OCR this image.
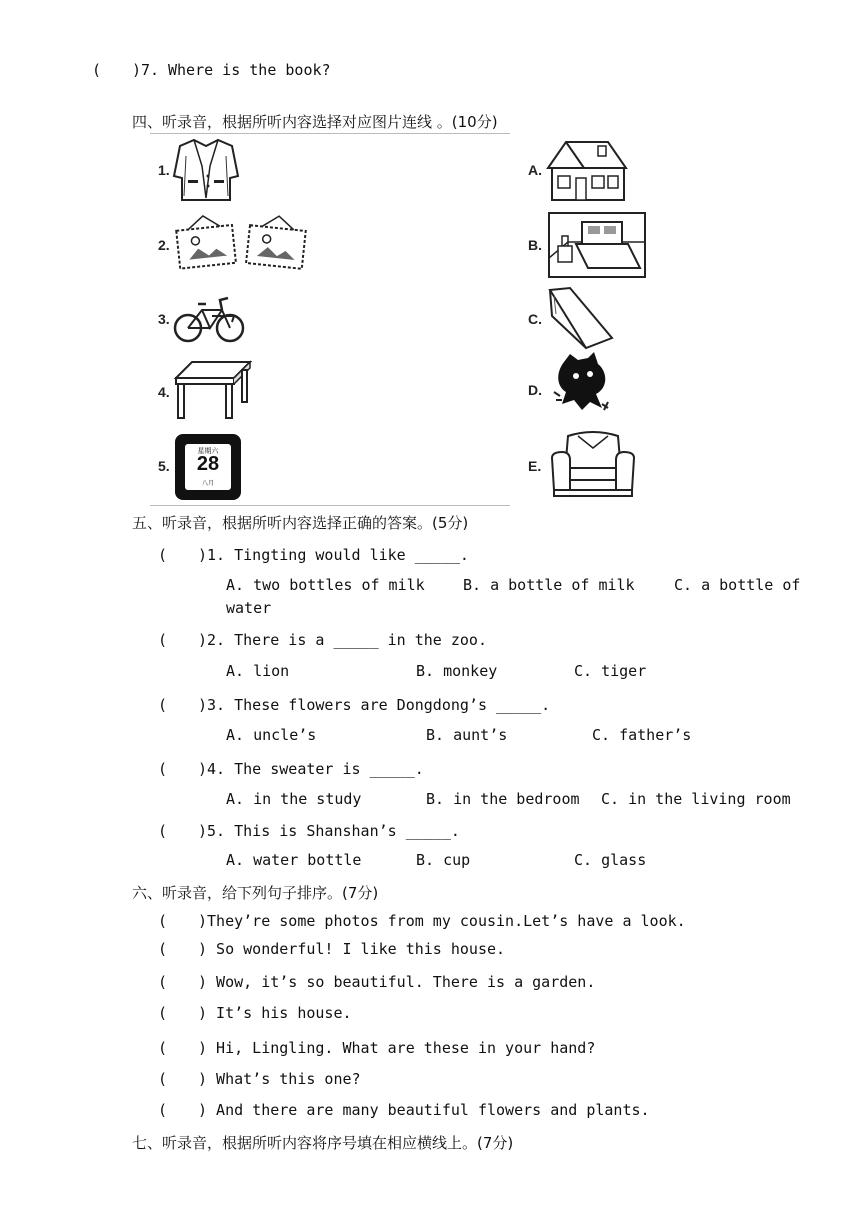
( )7. Where is the book?
四、听录音，根据所听内容选择对应图片连线 。(10分)
1.
2.
3.
4.
5.
星期六
28
八月
A.
B.
C.
D.
E.
五、听录音，根据所听内容选择正确的答案。(5分)
( )1. Tingting would like _____.
A. two bottles of milk	B. a bottle of milk	C. a bottle of
water
( )2. There is a _____ in the zoo.
A. lion	B. monkey	C. tiger
( )3. These flowers are Dongdong’s _____.
A. uncle’s	B. aunt’s	C. father’s
( )4. The sweater is _____.
A. in the study	B. in the bedroom C. in the living room
( )5. This is Shanshan’s _____.
A. water bottle	B. cup	C. glass
六、听录音，给下列句子排序。(7分)
( )They’re some photos from my cousin.Let’s have a look.
( ) So wonderful! I like this house.
( ) Wow, it’s so beautiful. There is a garden.
( ) It’s his house.
( ) Hi, Lingling. What are these in your hand?
( ) What’s this one?
( ) And there are many beautiful flowers and plants.
七、听录音，根据所听内容将序号填在相应横线上。(7分)
